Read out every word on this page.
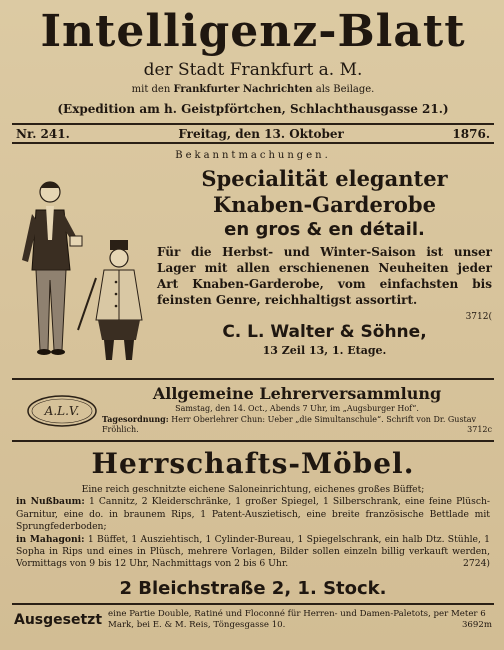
Intelligenz-Blatt
der Stadt Frankfurt a. M.
mit den Frankfurter Nachrichten als Beilage.
(Expedition am h. Geistpförtchen, Schlachthausgasse 21.)
Nr. 241.	Freitag, den 13. Oktober	1876.
Bekanntmachungen.
Specialität eleganter Knaben-Garderobe
en gros & en détail.
Für die Herbst- und Winter-Saison ist unser Lager mit allen erschienenen Neuheiten jeder Art Knaben-Garderobe, vom einfachsten bis feinsten Genre, reichhaltigst assortirt.
3712(
C. L. Walter & Söhne,
13 Zeil 13, 1. Etage.
A.L.V.
Allgemeine Lehrerversammlung
Samstag, den 14. Oct., Abends 7 Uhr, im „Augsburger Hof“.
Tagesordnung: Herr Oberlehrer Chun: Ueber „die Simultanschule“. Schrift von Dr. Gustav Fröhlich.	3712c
Herrschafts-Möbel.
Eine reich geschnitzte eichene Saloneinrichtung, eichenes großes Büffet;
in Nußbaum: 1 Cannitz, 2 Kleiderschränke, 1 großer Spiegel, 1 Silberschrank, eine feine Plüsch-Garnitur, eine do. in braunem Rips, 1 Patent-Auszietisch, eine breite französische Bettlade mit Sprungfederboden;
in Mahagoni: 1 Büffet, 1 Ausziehtisch, 1 Cylinder-Bureau, 1 Spiegelschrank, ein halb Dtz. Stühle, 1 Sopha in Rips und eines in Plüsch, mehrere Vorlagen, Bilder sollen einzeln billig verkauft werden, Vormittags von 9 bis 12 Uhr, Nachmittags von 2 bis 6 Uhr.	2724)
2 Bleichstraße 2, 1. Stock.
Ausgesetzt eine Partie Double, Ratiné und Floconné für Herren- und Damen-Paletots, per Meter 6 Mark, bei E. & M. Reis, Töngesgasse 10.	3692m
